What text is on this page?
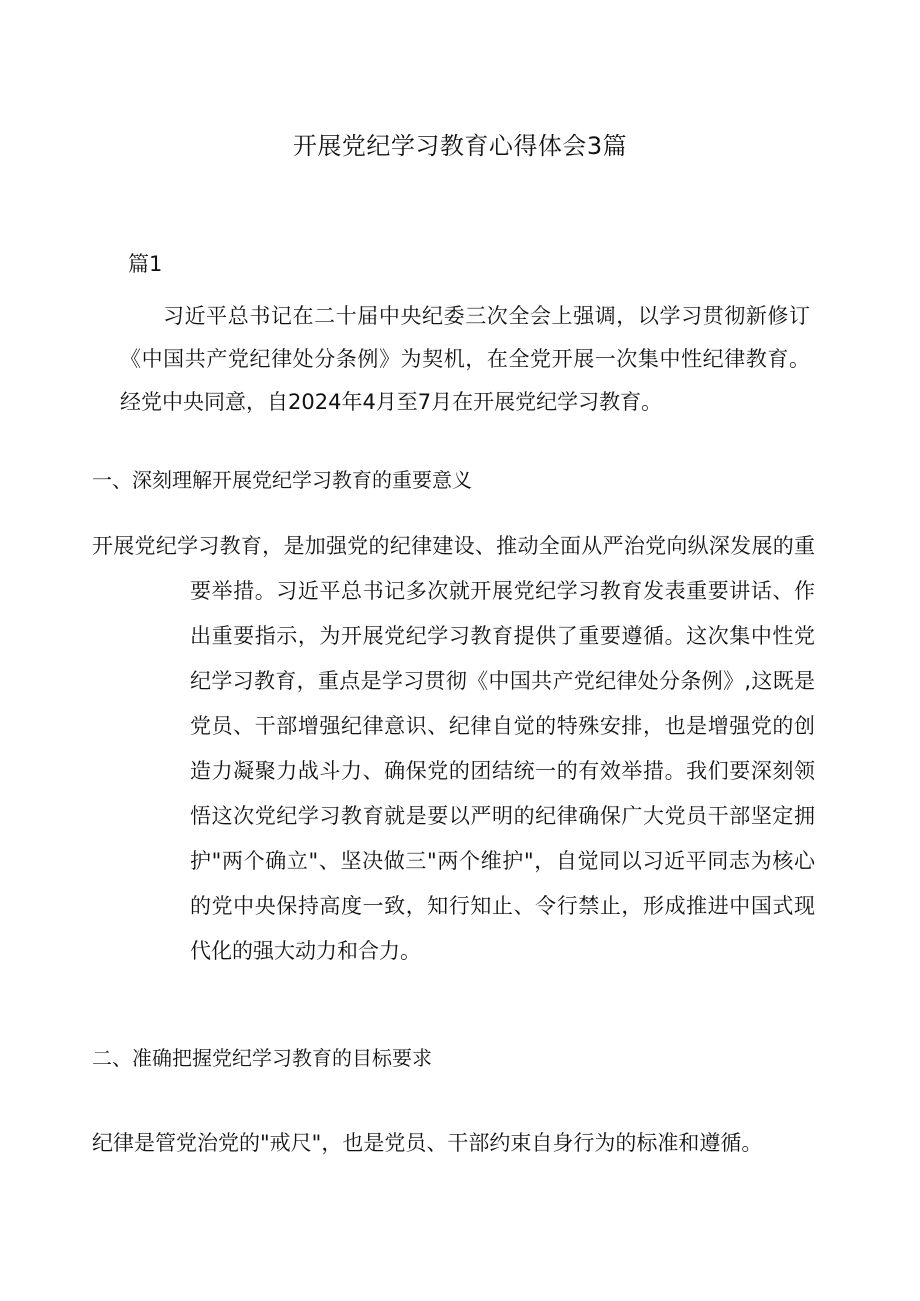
开展党纪学习教育心得体会3篇
篇1
习近平总书记在二十届中央纪委三次全会上强调，以学习贯彻新修订《中国共产党纪律处分条例》为契机，在全党开展一次集中性纪律教育。经党中央同意，自2024年4月至7月在开展党纪学习教育。
一、深刻理解开展党纪学习教育的重要意义
开展党纪学习教育，是加强党的纪律建设、推动全面从严治党向纵深发展的重要举措。习近平总书记多次就开展党纪学习教育发表重要讲话、作出重要指示，为开展党纪学习教育提供了重要遵循。这次集中性党纪学习教育，重点是学习贯彻《中国共产党纪律处分条例》,这既是党员、干部增强纪律意识、纪律自觉的特殊安排，也是增强党的创造力凝聚力战斗力、确保党的团结统一的有效举措。我们要深刻领悟这次党纪学习教育就是要以严明的纪律确保广大党员干部坚定拥护"两个确立"、坚决做三"两个维护"，自觉同以习近平同志为核心的党中央保持高度一致，知行知止、令行禁止，形成推进中国式现代化的强大动力和合力。
二、准确把握党纪学习教育的目标要求
纪律是管党治党的"戒尺"，也是党员、干部约束自身行为的标准和遵循。
